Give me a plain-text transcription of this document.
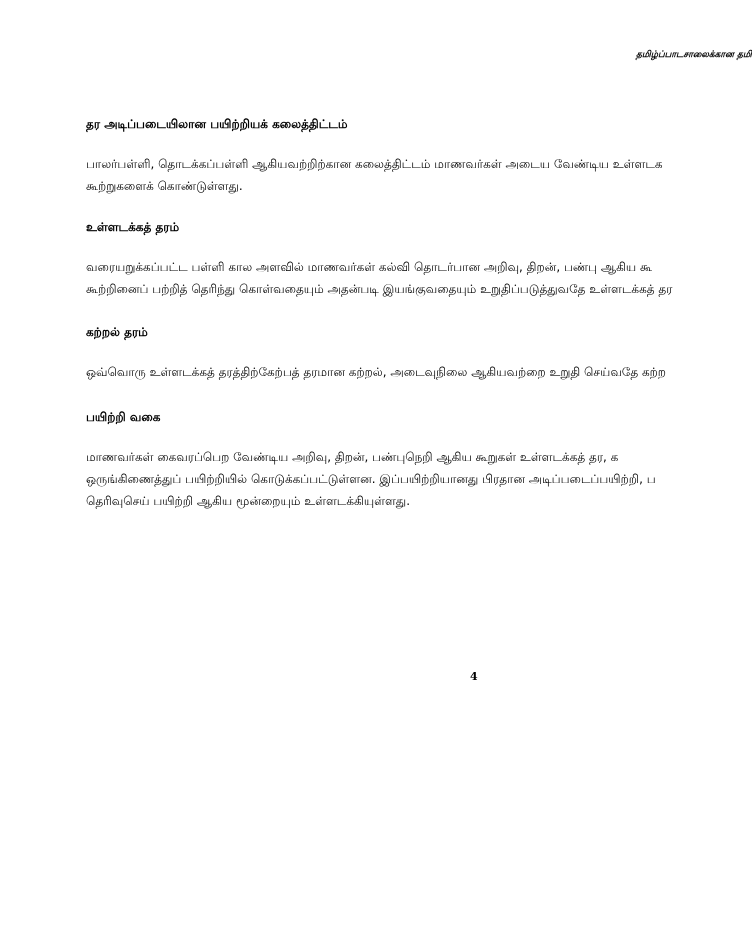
தமிழ்ப்பாடசாலைக்கான தமி
தர அடிப்படையிலான பயிற்றியக் கலைத்திட்டம்
பாலர்பள்ளி, தொடக்கப்பள்ளி ஆகியவற்றிற்கான கலைத்திட்டம் மாணவர்கள் அடைய வேண்டிய உள்ளடக
கூற்றுகளைக் கொண்டுள்ளது.
உள்ளடக்கத் தரம்
வரையறுக்கப்பட்ட பள்ளி கால அளவில் மாணவர்கள் கல்வி தொடர்பான அறிவு, திறன், பண்பு ஆகிய கூ
கூற்றினைப் பற்றித் தெரிந்து கொள்வதையும் அதன்படி இயங்குவதையும் உறுதிப்படுத்துவதே உள்ளடக்கத் தர
கற்றல் தரம்
ஒவ்வொரு உள்ளடக்கத் தரத்திற்கேற்பத் தரமான கற்றல், அடைவுநிலை ஆகியவற்றை உறுதி செய்வதே கற்ற
பயிற்றி வகை
மாணவர்கள் கைவரப்பெற வேண்டிய அறிவு, திறன், பண்புநெறி ஆகிய கூறுகள் உள்ளடக்கத் தர, க
ஒருங்கிணைத்துப் பயிற்றியில் கொடுக்கப்பட்டுள்ளன. இப்பயிற்றியானது பிரதான அடிப்படைப்பயிற்றி, ப
தெரிவுசெய் பயிற்றி ஆகிய மூன்றையும் உள்ளடக்கியுள்ளது.
4
